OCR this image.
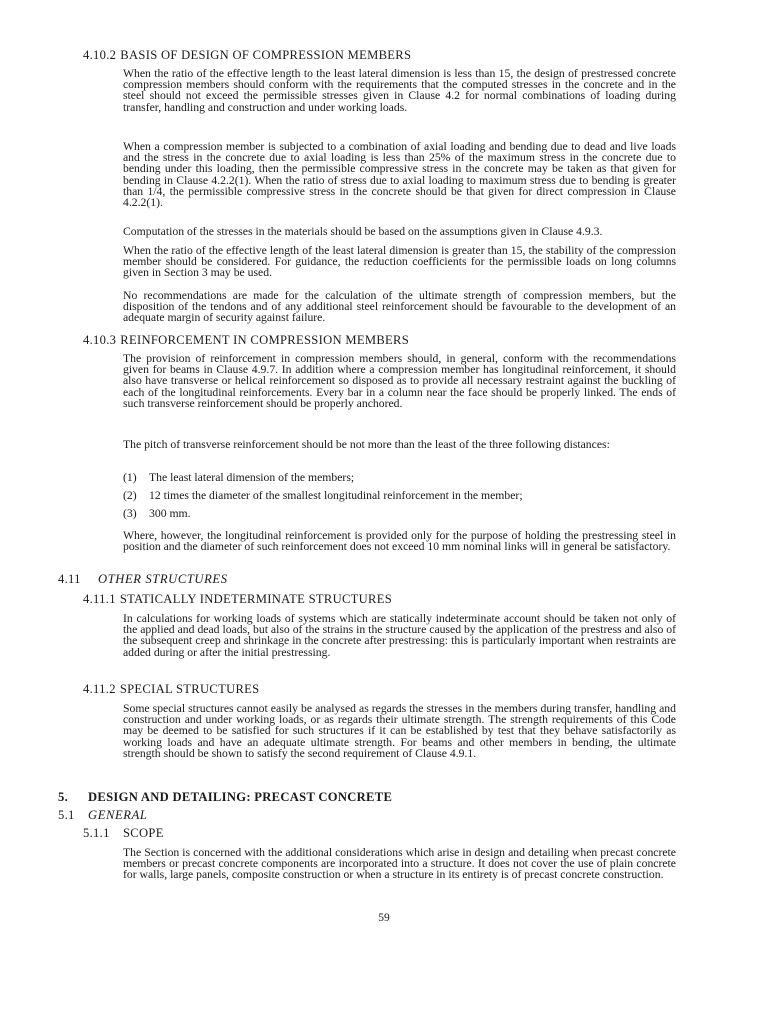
4.10.2 BASIS OF DESIGN OF COMPRESSION MEMBERS
When the ratio of the effective length to the least lateral dimension is less than 15, the design of prestressed concrete compression members should conform with the requirements that the computed stresses in the concrete and in the steel should not exceed the permissible stresses given in Clause 4.2 for normal combinations of loading during transfer, handling and construction and under working loads.
When a compression member is subjected to a combination of axial loading and bending due to dead and live loads and the stress in the concrete due to axial loading is less than 25% of the maximum stress in the concrete due to bending under this loading, then the permissible compressive stress in the concrete may be taken as that given for bending in Clause 4.2.2(1). When the ratio of stress due to axial loading to maximum stress due to bending is greater than 1/4, the permissible compressive stress in the concrete should be that given for direct compression in Clause 4.2.2(1).
Computation of the stresses in the materials should be based on the assumptions given in Clause 4.9.3.
When the ratio of the effective length of the least lateral dimension is greater than 15, the stability of the compression member should be considered. For guidance, the reduction coefficients for the permissible loads on long columns given in Section 3 may be used.
No recommendations are made for the calculation of the ultimate strength of compression members, but the disposition of the tendons and of any additional steel reinforcement should be favourable to the development of an adequate margin of security against failure.
4.10.3 REINFORCEMENT IN COMPRESSION MEMBERS
The provision of reinforcement in compression members should, in general, conform with the recommendations given for beams in Clause 4.9.7. In addition where a compression member has longitudinal reinforcement, it should also have transverse or helical reinforcement so disposed as to provide all necessary restraint against the buckling of each of the longitudinal reinforcements. Every bar in a column near the face should be properly linked. The ends of such transverse reinforcement should be properly anchored.
The pitch of transverse reinforcement should be not more than the least of the three following distances:
(1) The least lateral dimension of the members;
(2) 12 times the diameter of the smallest longitudinal reinforcement in the member;
(3) 300 mm.
Where, however, the longitudinal reinforcement is provided only for the purpose of holding the prestressing steel in position and the diameter of such reinforcement does not exceed 10 mm nominal links will in general be satisfactory.
4.11 OTHER STRUCTURES
4.11.1 STATICALLY INDETERMINATE STRUCTURES
In calculations for working loads of systems which are statically indeterminate account should be taken not only of the applied and dead loads, but also of the strains in the structure caused by the application of the prestress and also of the subsequent creep and shrinkage in the concrete after prestressing: this is particularly important when restraints are added during or after the initial prestressing.
4.11.2 SPECIAL STRUCTURES
Some special structures cannot easily be analysed as regards the stresses in the members during transfer, handling and construction and under working loads, or as regards their ultimate strength. The strength requirements of this Code may be deemed to be satisfied for such structures if it can be established by test that they behave satisfactorily as working loads and have an adequate ultimate strength. For beams and other members in bending, the ultimate strength should be shown to satisfy the second requirement of Clause 4.9.1.
5. DESIGN AND DETAILING: PRECAST CONCRETE
5.1 GENERAL
5.1.1 SCOPE
The Section is concerned with the additional considerations which arise in design and detailing when precast concrete members or precast concrete components are incorporated into a structure. It does not cover the use of plain concrete for walls, large panels, composite construction or when a structure in its entirety is of precast concrete construction.
59
